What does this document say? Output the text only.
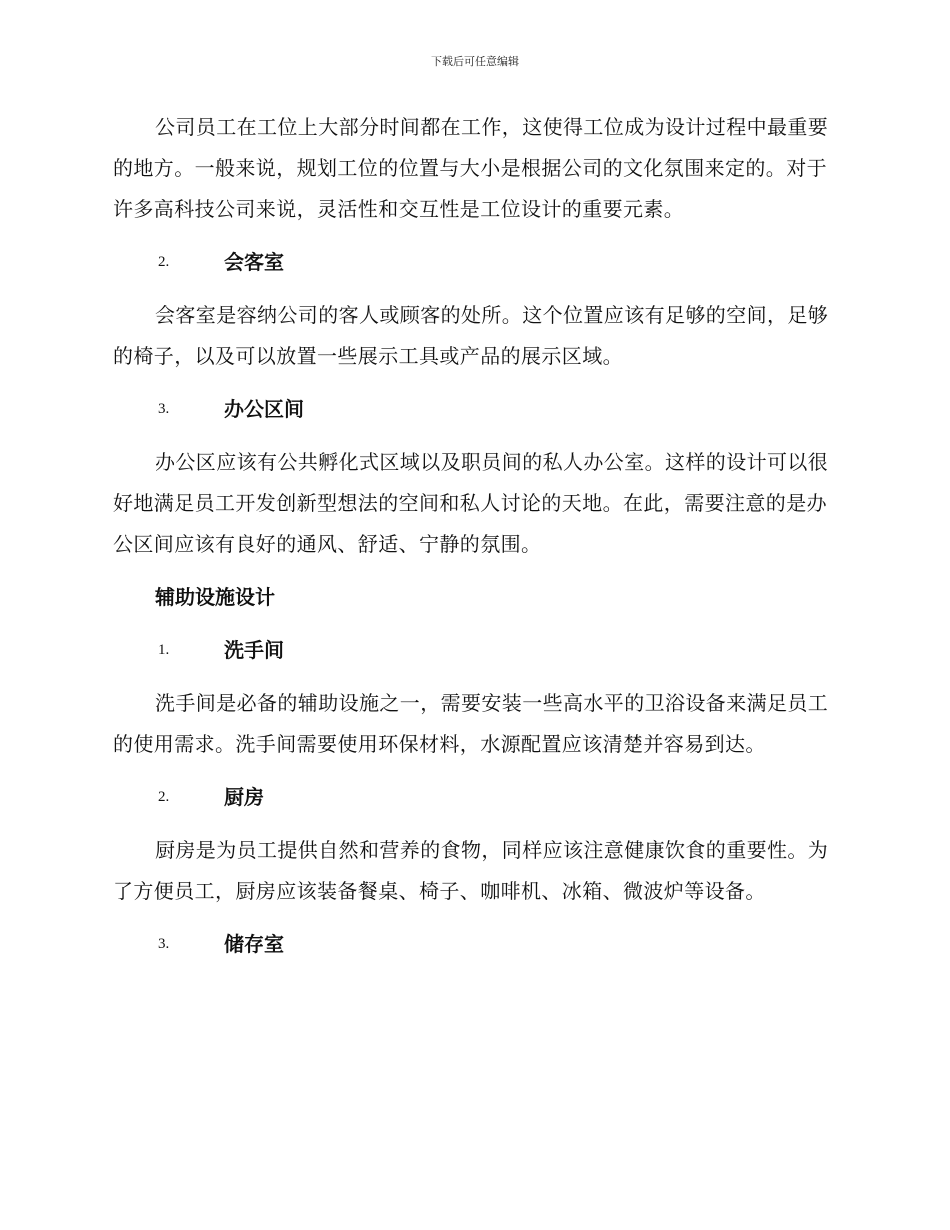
下载后可任意编辑

公司员工在工位上大部分时间都在工作，这使得工位成为设计过程中最重要的地方。一般来说，规划工位的位置与大小是根据公司的文化氛围来定的。对于许多高科技公司来说，灵活性和交互性是工位设计的重要元素。

2.	会客室

会客室是容纳公司的客人或顾客的处所。这个位置应该有足够的空间，足够的椅子，以及可以放置一些展示工具或产品的展示区域。

3.	办公区间

办公区应该有公共孵化式区域以及职员间的私人办公室。这样的设计可以很好地满足员工开发创新型想法的空间和私人讨论的天地。在此，需要注意的是办公区间应该有良好的通风、舒适、宁静的氛围。

辅助设施设计
1.	洗手间

洗手间是必备的辅助设施之一，需要安装一些高水平的卫浴设备来满足员工的使用需求。洗手间需要使用环保材料，水源配置应该清楚并容易到达。

2.	厨房

厨房是为员工提供自然和营养的食物，同样应该注意健康饮食的重要性。为了方便员工，厨房应该装备餐桌、椅子、咖啡机、冰箱、微波炉等设备。

3.	储存室
